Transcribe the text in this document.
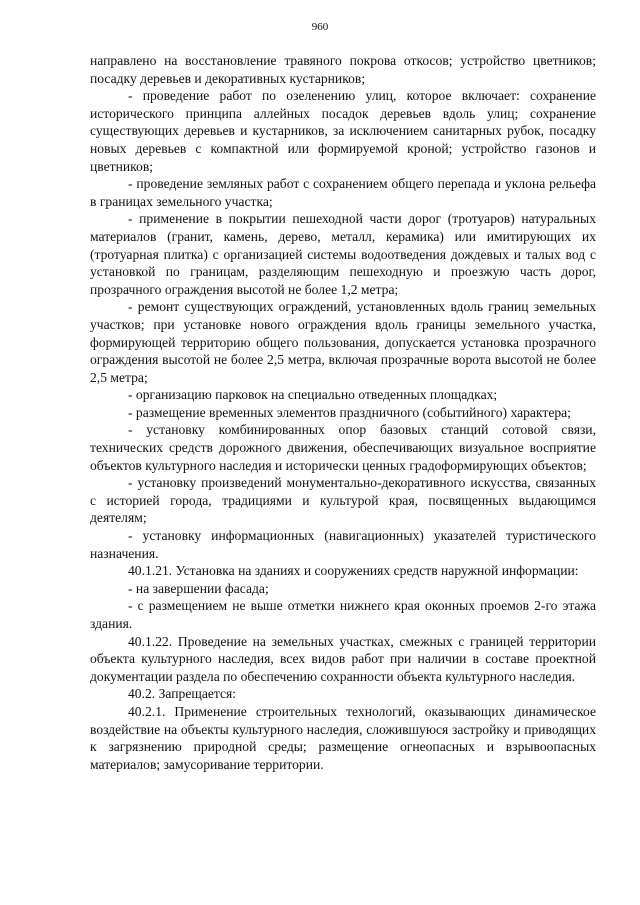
960

направлено на восстановление травяного покрова откосов; устройство цветников; посадку деревьев и декоративных кустарников;

- проведение работ по озеленению улиц, которое включает: сохранение исторического принципа аллейных посадок деревьев вдоль улиц; сохранение существующих деревьев и кустарников, за исключением санитарных рубок, посадку новых деревьев с компактной или формируемой кроной; устройство газонов и цветников;

- проведение земляных работ с сохранением общего перепада и уклона рельефа в границах земельного участка;

- применение в покрытии пешеходной части дорог (тротуаров) натуральных материалов (гранит, камень, дерево, металл, керамика) или имитирующих их (тротуарная плитка) с организацией системы водоотведения дождевых и талых вод с установкой по границам, разделяющим пешеходную и проезжую часть дорог, прозрачного ограждения высотой не более 1,2 метра;

- ремонт существующих ограждений, установленных вдоль границ земельных участков; при установке нового ограждения вдоль границы земельного участка, формирующей территорию общего пользования, допускается установка прозрачного ограждения высотой не более 2,5 метра, включая прозрачные ворота высотой не более 2,5 метра;

- организацию парковок на специально отведенных площадках;

- размещение временных элементов праздничного (событийного) характера;

- установку комбинированных опор базовых станций сотовой связи, технических средств дорожного движения, обеспечивающих визуальное восприятие объектов культурного наследия и исторически ценных градоформирующих объектов;

- установку произведений монументально-декоративного искусства, связанных с историей города, традициями и культурой края, посвященных выдающимся деятелям;

- установку информационных (навигационных) указателей туристического назначения.

40.1.21. Установка на зданиях и сооружениях средств наружной информации:

- на завершении фасада;

- с размещением не выше отметки нижнего края оконных проемов 2-го этажа здания.

40.1.22. Проведение на земельных участках, смежных с границей территории объекта культурного наследия, всех видов работ при наличии в составе проектной документации раздела по обеспечению сохранности объекта культурного наследия.

40.2. Запрещается:

40.2.1. Применение строительных технологий, оказывающих динамическое воздействие на объекты культурного наследия, сложившуюся застройку и приводящих к загрязнению природной среды; размещение огнеопасных и взрывоопасных материалов; замусоривание территории.
